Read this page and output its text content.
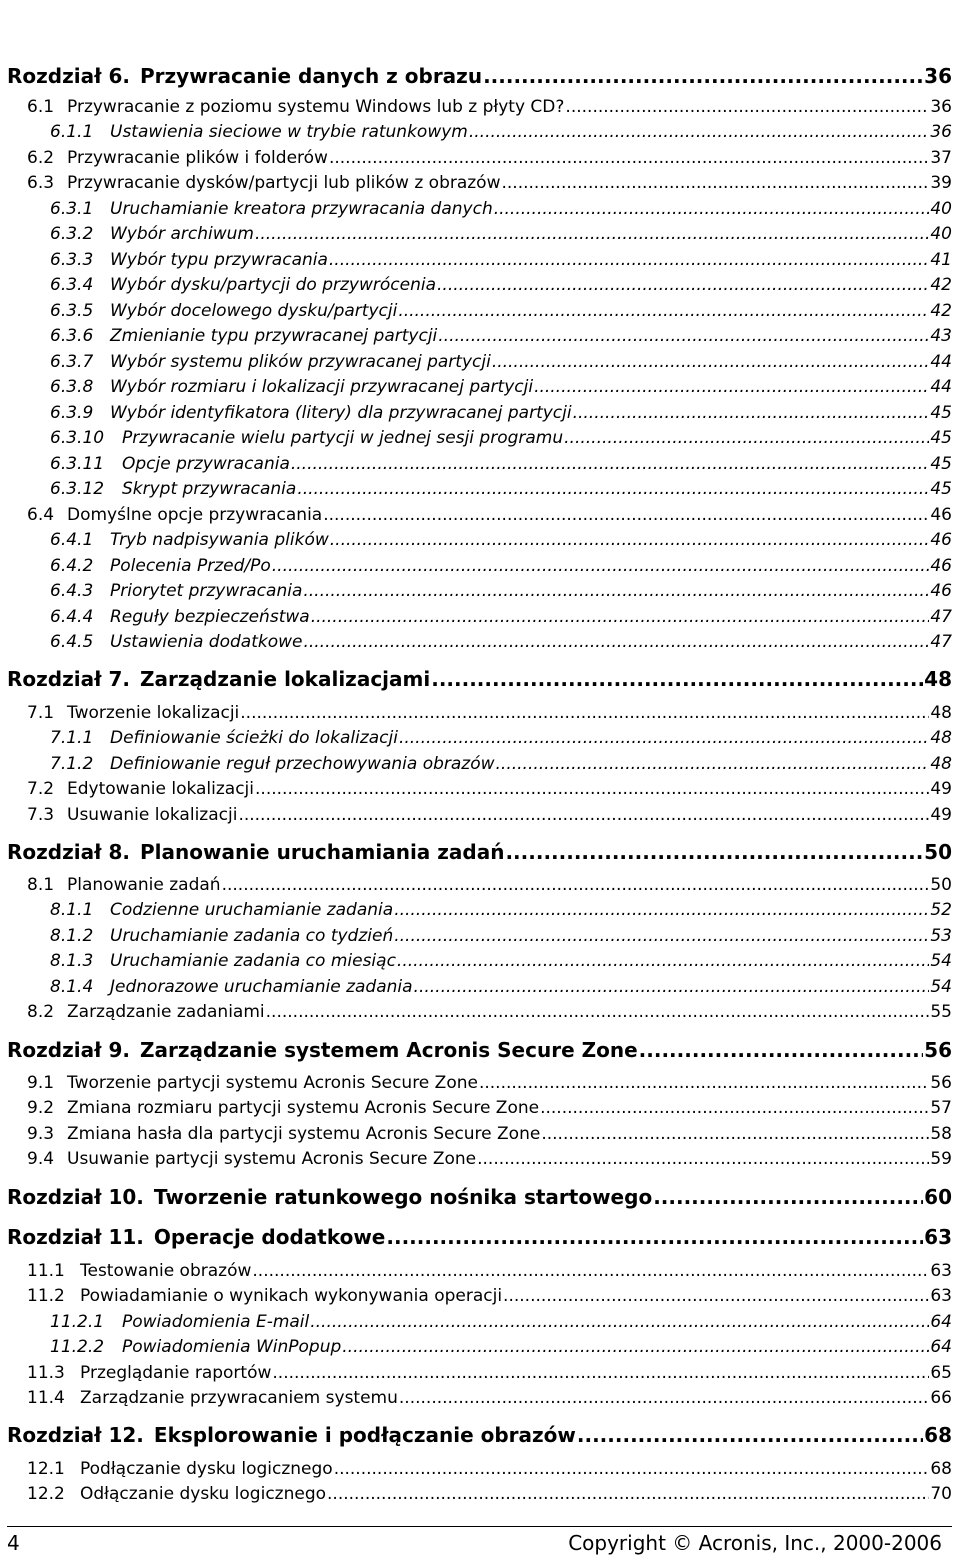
Rozdział 6. Przywracanie danych z obrazu .....	36
6.1 Przywracanie z poziomu systemu Windows lub z płyty CD? .....	36
6.1.1 Ustawienia sieciowe w trybie ratunkowym .....	36
6.2 Przywracanie plików i folderów .....	37
6.3 Przywracanie dysków/partycji lub plików z obrazów .....	39
6.3.1 Uruchamianie kreatora przywracania danych .....	40
6.3.2 Wybór archiwum .....	40
6.3.3 Wybór typu przywracania .....	41
6.3.4 Wybór dysku/partycji do przywrócenia .....	42
6.3.5 Wybór docelowego dysku/partycji .....	42
6.3.6 Zmienianie typu przywracanej partycji .....	43
6.3.7 Wybór systemu plików przywracanej partycji .....	44
6.3.8 Wybór rozmiaru i lokalizacji przywracanej partycji .....	44
6.3.9 Wybór identyfikatora (litery) dla przywracanej partycji .....	45
6.3.10	Przywracanie wielu partycji w jednej sesji programu .....	45
6.3.11	Opcje przywracania .....	45
6.3.12	Skrypt przywracania .....	45
6.4 Domyślne opcje przywracania .....	46
6.4.1 Tryb nadpisywania plików .....	46
6.4.2 Polecenia Przed/Po .....	46
6.4.3 Priorytet przywracania .....	46
6.4.4 Reguły bezpieczeństwa .....	47
6.4.5 Ustawienia dodatkowe .....	47
Rozdział 7. Zarządzanie lokalizacjami .....	48
7.1 Tworzenie lokalizacji .....	48
7.1.1 Definiowanie ścieżki do lokalizacji .....	48
7.1.2 Definiowanie reguł przechowywania obrazów .....	48
7.2 Edytowanie lokalizacji .....	49
7.3 Usuwanie lokalizacji .....	49
Rozdział 8. Planowanie uruchamiania zadań .....	50
8.1 Planowanie zadań .....	50
8.1.1 Codzienne uruchamianie zadania .....	52
8.1.2 Uruchamianie zadania co tydzień .....	53
8.1.3 Uruchamianie zadania co miesiąc .....	54
8.1.4 Jednorazowe uruchamianie zadania .....	54
8.2 Zarządzanie zadaniami .....	55
Rozdział 9. Zarządzanie systemem Acronis Secure Zone .....	56
9.1 Tworzenie partycji systemu Acronis Secure Zone .....	56
9.2 Zmiana rozmiaru partycji systemu Acronis Secure Zone .....	57
9.3 Zmiana hasła dla partycji systemu Acronis Secure Zone .....	58
9.4 Usuwanie partycji systemu Acronis Secure Zone .....	59
Rozdział 10. Tworzenie ratunkowego nośnika startowego .....	60
Rozdział 11. Operacje dodatkowe .....	63
11.1 Testowanie obrazów .....	63
11.2 Powiadamianie o wynikach wykonywania operacji .....	63
11.2.1	Powiadomienia E-mail .....	64
11.2.2	Powiadomienia WinPopup .....	64
11.3 Przeglądanie raportów .....	65
11.4 Zarządzanie przywracaniem systemu .....	66
Rozdział 12. Eksplorowanie i podłączanie obrazów .....	68
12.1 Podłączanie dysku logicznego .....	68
12.2 Odłączanie dysku logicznego .....	70
4	Copyright © Acronis, Inc., 2000-2006
